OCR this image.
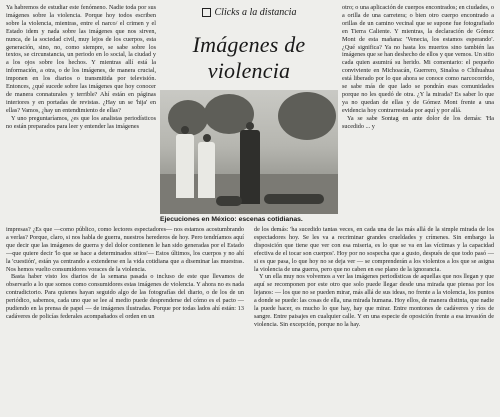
Ya habremos de estudiar este fenómeno. Nadie toda por sus imágenes sobre la violencia. Porque hoy todos escriben sobre la violencia, mientras, entre el narco/ el crimen y el Estado idem y nada sobre las imágenes que nos sirven, nunca, de la sociedad civil, muy lejos de los cuerpos, esta generación, sino, no, como siempre, se sabe sobre los textos, se circunstancia, un periodo en lo social, la ciudad y a los ojos sobre los hechos. Y mientras allí está la información, a otra, o de los imágenes, de manera crucial, imponen en los diarios o transmitida por televisión. Entonces, ¿qué sucede sobre las imágenes que hoy conocer de manera connaturales y terrible? Ahí están en páginas interiores y en portadas de revistas. ¿Hay un se 'hija' en ellas? Vamos, ¿hay un entendimiento de ellas?

Y uno preguntaríamos, ¿es que los analistas periodísticos no están preparados para leer y entender las imágenes

Clicks a la distancia
Imágenes de violencia
Ejecuciones en México: escenas cotidianas.

otro; o una aplicación de cuerpos encontrados; en ciudades, o a orilla de una carretera; o bien otro cuerpo encontrado a orillas de un camino vecinal que se supone fue fotografiado en Tierra Caliente. Y mientras, la declaración de Gómez Mont de esta mañana: 'Venecia, los estamos esperando'. ¿Qué significa? Ya no hasta los muertos sino también las imágenes que se han deshecho de ellos y que vemos. Un sitio cada quien asumirá su herido. Mi comentario: el pequeño conviviente en Michoacán, Guerrero, Sinaloa o Chihuahua está liberado por lo que ahora se conoce como narcocorrido, se sabe más de que lado se pondrán esas comunidades porque no les quedó de otra. ¿Y la mirada? Es saber lo que ya no quedan de ellas y de Gómez Mont frente a una evidencia hoy contrarrestada por aquí y por allá.

Ya se sabe Sontag en ante dolor de los demás: 'Ha sucedido ... y

impresas? ¿Es que —como público, como lectores espectadores— nos estamos acostumbrando a verlas? Porque, claro, si nos habla de guerra, nuestros herederos de hoy. Pero tendríamos aquí que decir que las imágenes de guerra y del dolor contienen le han sido generadas por el Estado —que quiere decir 'lo que se hace a determinados sitios'— Estos últimos, los cuerpos y no ahí la 'cuestión', están ya centrando a extenderse en la vida cotidiana que a diseminar las muestras. Nos hemos vuelto consumidores voraces de la violencia.

Basta haber visto los diarios de la semana pasada o incluso de este que llevamos de observarlo a lo que somos como consumidores estas imágenes de violencia. Y ahora no es nada contradictorio. Para quienes hayan seguido algo de las fotografías del diario, o de los de un periódico, sabemos, cada uno que se lee al medio puede desprenderse del cómo es el pacto — pudiendo en la prensa de papel — de imágenes ilustradas. Porque por todas lados ahí están: 13 cadáveres de policías federales acompañados el orden en un

de los demás: 'ha sucedido tantas veces, en cada una de las más allá de la simple mirada de los espectadores hoy. Se les va a recriminar grandes crueldades y crímenes. Sin embargo la disposición que tiene que ver con esa miseria, es lo que se va en las víctimas y la capacidad efectiva de el tocar son cuerpos'. Hoy por no sospecha que a gusto, después de que todo pasó — si es que pasa, lo que hoy no se deja ver — se comprenderán a los violentos a los que se asigna la violencia de una guerra, pero que no caben en ese plano de la ignorancia.

Y un ella muy nos volvemos a ver las imágenes periodísticas de aquellas que nos llegan y que aquí se recomponen por este otro que solo puede llegar desde una mirada que piensa por los lejanos: — los que no se pueden mirar, más allá de sus ideas, no frente a la violencia, los puntos a donde se puede: las cosas de ella, una mirada humana. Hoy ellos, de manera distinta, que nadie la puede hacer, es mucho lo que hay, hay que mirar. Entre montones de cadáveres y ríos de sangre. Entre paisajes en cualquier calle. Y en una especie de oposición frente a esa invasión de violencia. Sin excepción, porque no la hay.
